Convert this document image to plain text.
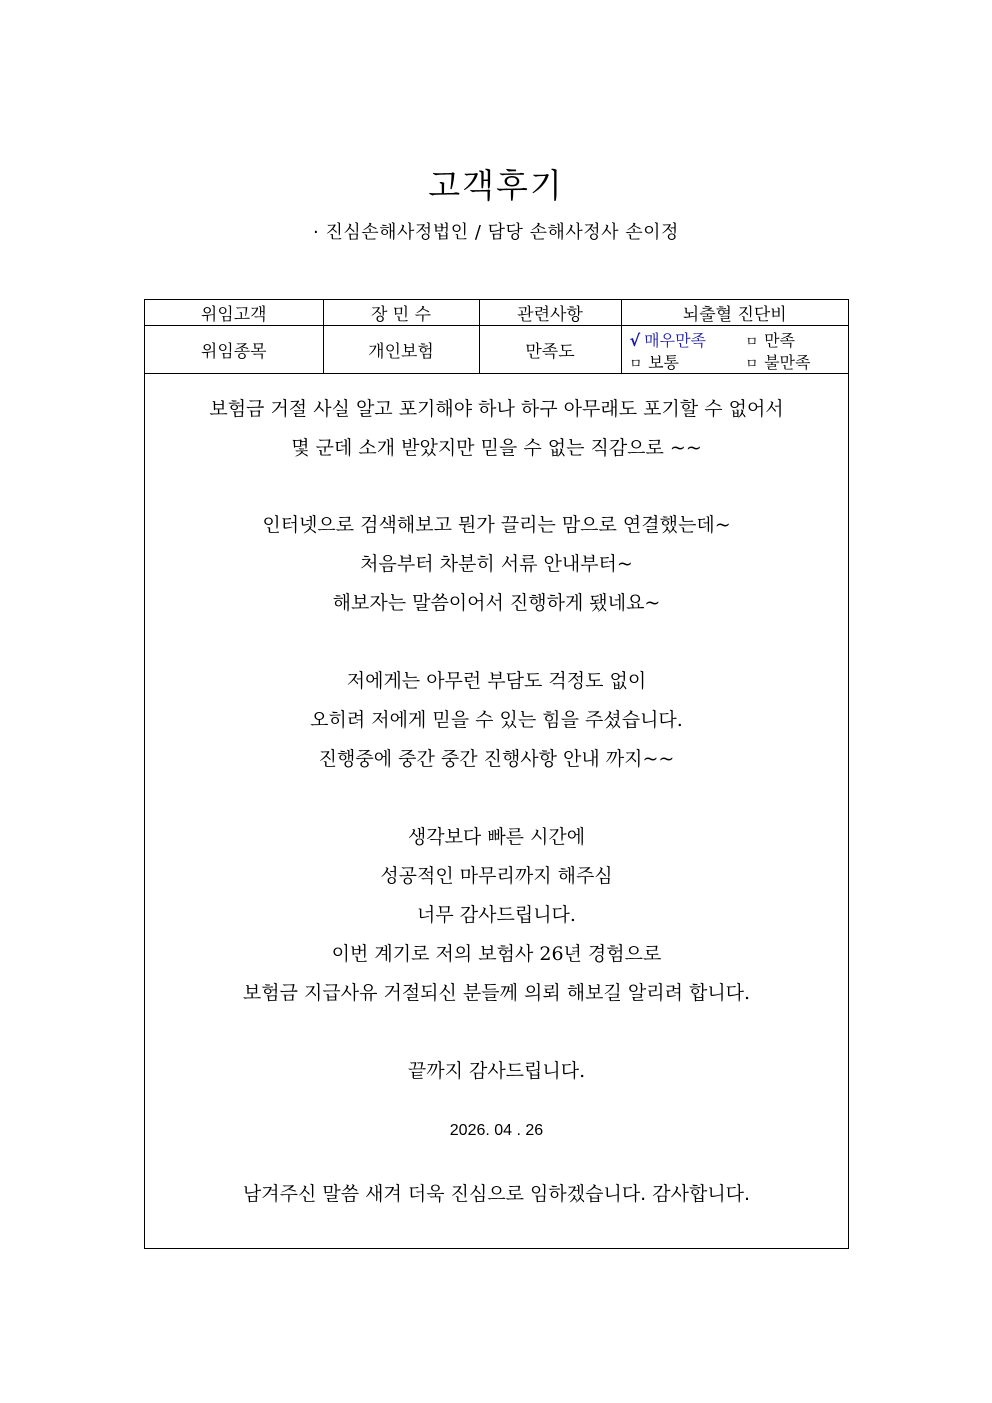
고객후기
· 진심손해사정법인 / 담당 손해사정사 손이정
위임고객	장 민 수	관련사항	뇌출혈 진단비
위임종목	개인보험	만족도	√ 매우만족 ㅁ 만족
ㅁ 보통 ㅁ 불만족
보험금 거절 사실 알고 포기해야 하나 하구 아무래도 포기할 수 없어서
몇 군데 소개 받았지만 믿을 수 없는 직감으로 ~~
인터넷으로 검색해보고 뭔가 끌리는 맘으로 연결했는데~
처음부터 차분히 서류 안내부터~
해보자는 말씀이어서 진행하게 됐네요~
저에게는 아무런 부담도 걱정도 없이
오히려 저에게 믿을 수 있는 힘을 주셨습니다.
진행중에 중간 중간 진행사항 안내 까지~~
생각보다 빠른 시간에
성공적인 마무리까지 해주심
너무 감사드립니다.
이번 계기로 저의 보험사 26년 경험으로
보험금 지급사유 거절되신 분들께 의뢰 해보길 알리려 합니다.
끝까지 감사드립니다.
2026. 04 . 26
남겨주신 말씀 새겨 더욱 진심으로 임하겠습니다. 감사합니다.
